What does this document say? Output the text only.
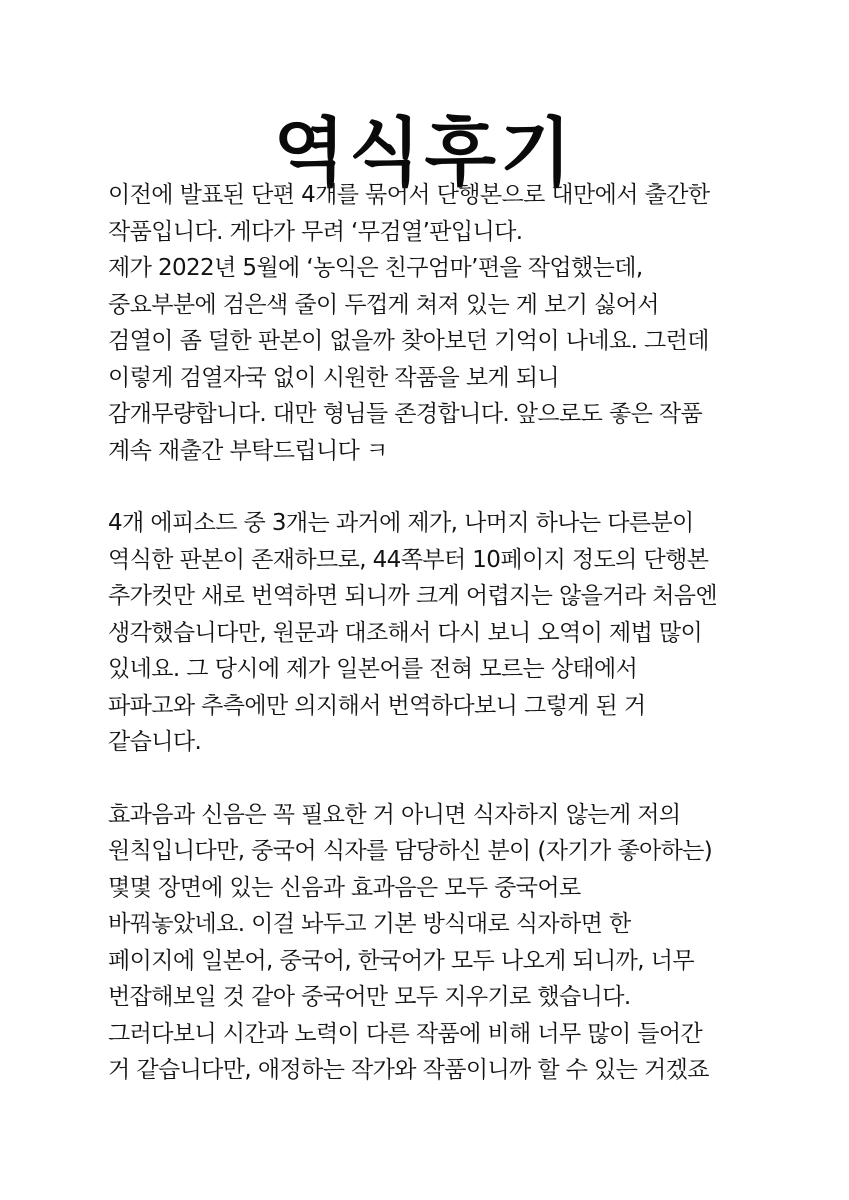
역식후기

이전에 발표된 단편 4개를 묶어서 단행본으로 대만에서 출간한
작품입니다. 게다가 무려 ‘무검열’판입니다.
제가 2022년 5월에 ‘농익은 친구엄마’편을 작업했는데,
중요부분에 검은색 줄이 두껍게 쳐져 있는 게 보기 싫어서
검열이 좀 덜한 판본이 없을까 찾아보던 기억이 나네요. 그런데
이렇게 검열자국 없이 시원한 작품을 보게 되니
감개무량합니다. 대만 형님들 존경합니다. 앞으로도 좋은 작품
계속 재출간 부탁드립니다 ㅋ

4개 에피소드 중 3개는 과거에 제가, 나머지 하나는 다른분이
역식한 판본이 존재하므로, 44쪽부터 10페이지 정도의 단행본
추가컷만 새로 번역하면 되니까 크게 어렵지는 않을거라 처음엔
생각했습니다만, 원문과 대조해서 다시 보니 오역이 제법 많이
있네요. 그 당시에 제가 일본어를 전혀 모르는 상태에서
파파고와 추측에만 의지해서 번역하다보니 그렇게 된 거
같습니다.

효과음과 신음은 꼭 필요한 거 아니면 식자하지 않는게 저의
원칙입니다만, 중국어 식자를 담당하신 분이 (자기가 좋아하는)
몇몇 장면에 있는 신음과 효과음은 모두 중국어로
바꿔놓았네요. 이걸 놔두고 기본 방식대로 식자하면 한
페이지에 일본어, 중국어, 한국어가 모두 나오게 되니까, 너무
번잡해보일 것 같아 중국어만 모두 지우기로 했습니다.
그러다보니 시간과 노력이 다른 작품에 비해 너무 많이 들어간
거 같습니다만, 애정하는 작가와 작품이니까 할 수 있는 거겠죠
